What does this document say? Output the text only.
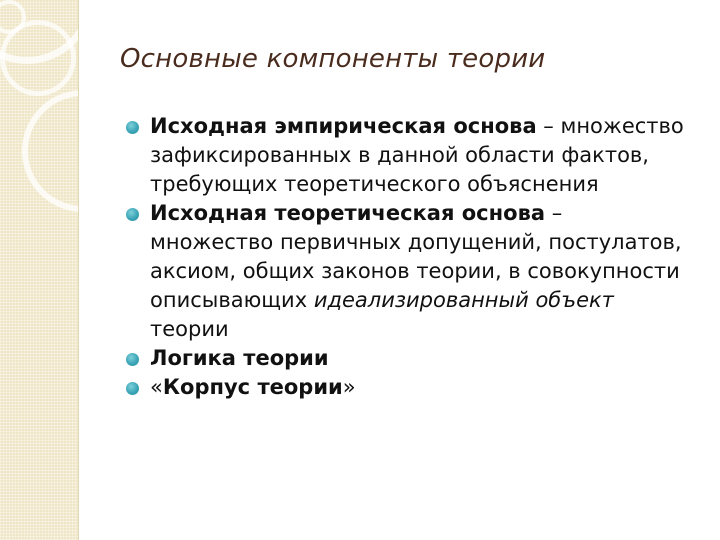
Основные компоненты теории
Исходная эмпирическая основа – множество зафиксированных в данной области фактов, требующих теоретического объяснения
Исходная теоретическая основа – множество первичных допущений, постулатов, аксиом, общих законов теории, в совокупности описывающих идеализированный объект теории
Логика теории
«Корпус теории»
